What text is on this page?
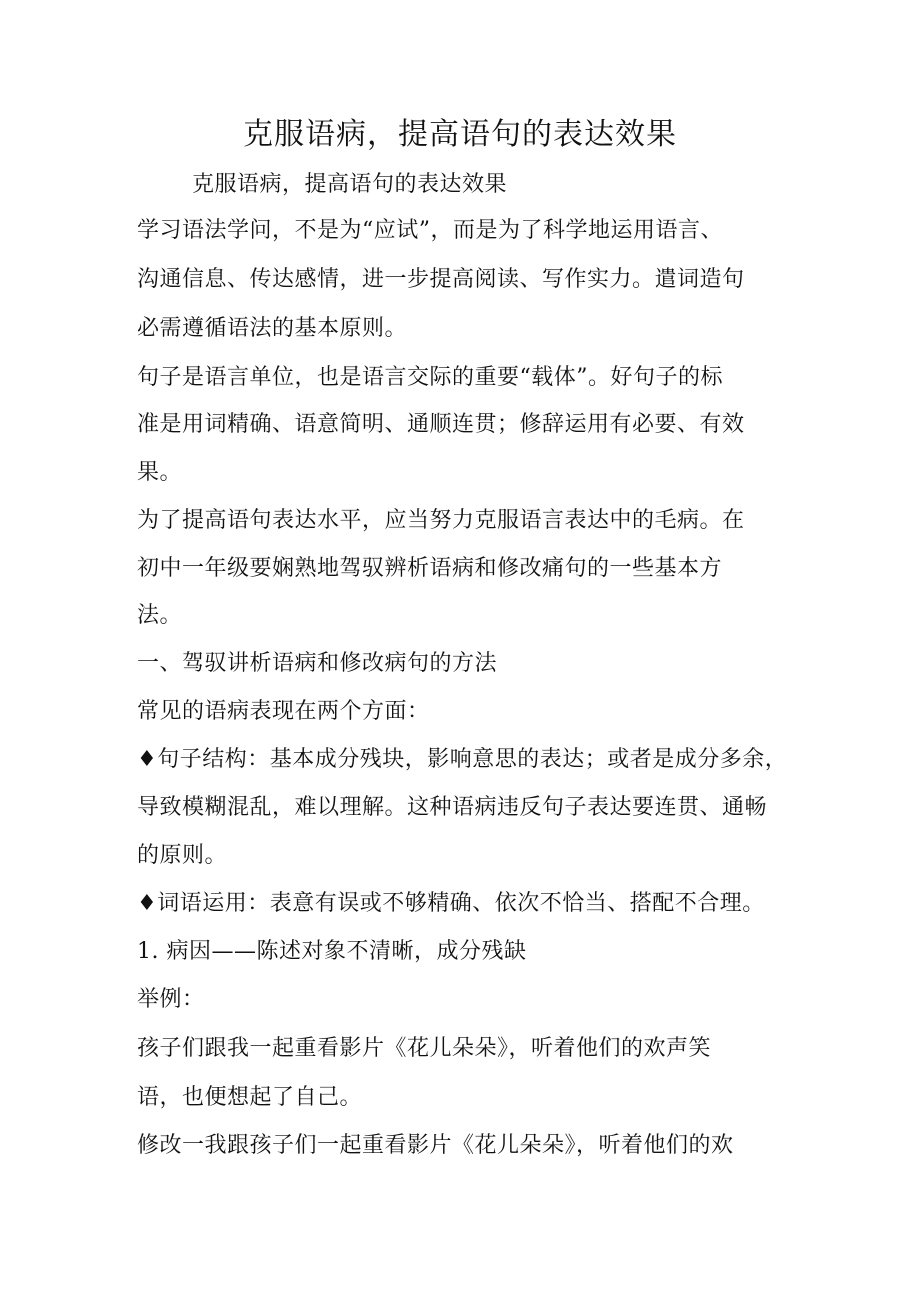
克服语病，提高语句的表达效果

克服语病，提高语句的表达效果

学习语法学问，不是为“应试”，而是为了科学地运用语言、

沟通信息、传达感情，进一步提高阅读、写作实力。遣词造句

必需遵循语法的基本原则。

句子是语言单位，也是语言交际的重要“载体”。好句子的标

准是用词精确、语意简明、通顺连贯；修辞运用有必要、有效

果。

为了提高语句表达水平，应当努力克服语言表达中的毛病。在

初中一年级要娴熟地驾驭辨析语病和修改痛句的一些基本方

法。

一、驾驭讲析语病和修改病句的方法

常见的语病表现在两个方面：

♦句子结构：基本成分残块，影响意思的表达；或者是成分多余，

导致模糊混乱，难以理解。这种语病违反句子表达要连贯、通畅

的原则。

♦词语运用：表意有误或不够精确、依次不恰当、搭配不合理。

1. 病因——陈述对象不清晰，成分残缺

举例：

孩子们跟我一起重看影片《花儿朵朵》，听着他们的欢声笑

语，也便想起了自己。

修改一我跟孩子们一起重看影片《花儿朵朵》，听着他们的欢
